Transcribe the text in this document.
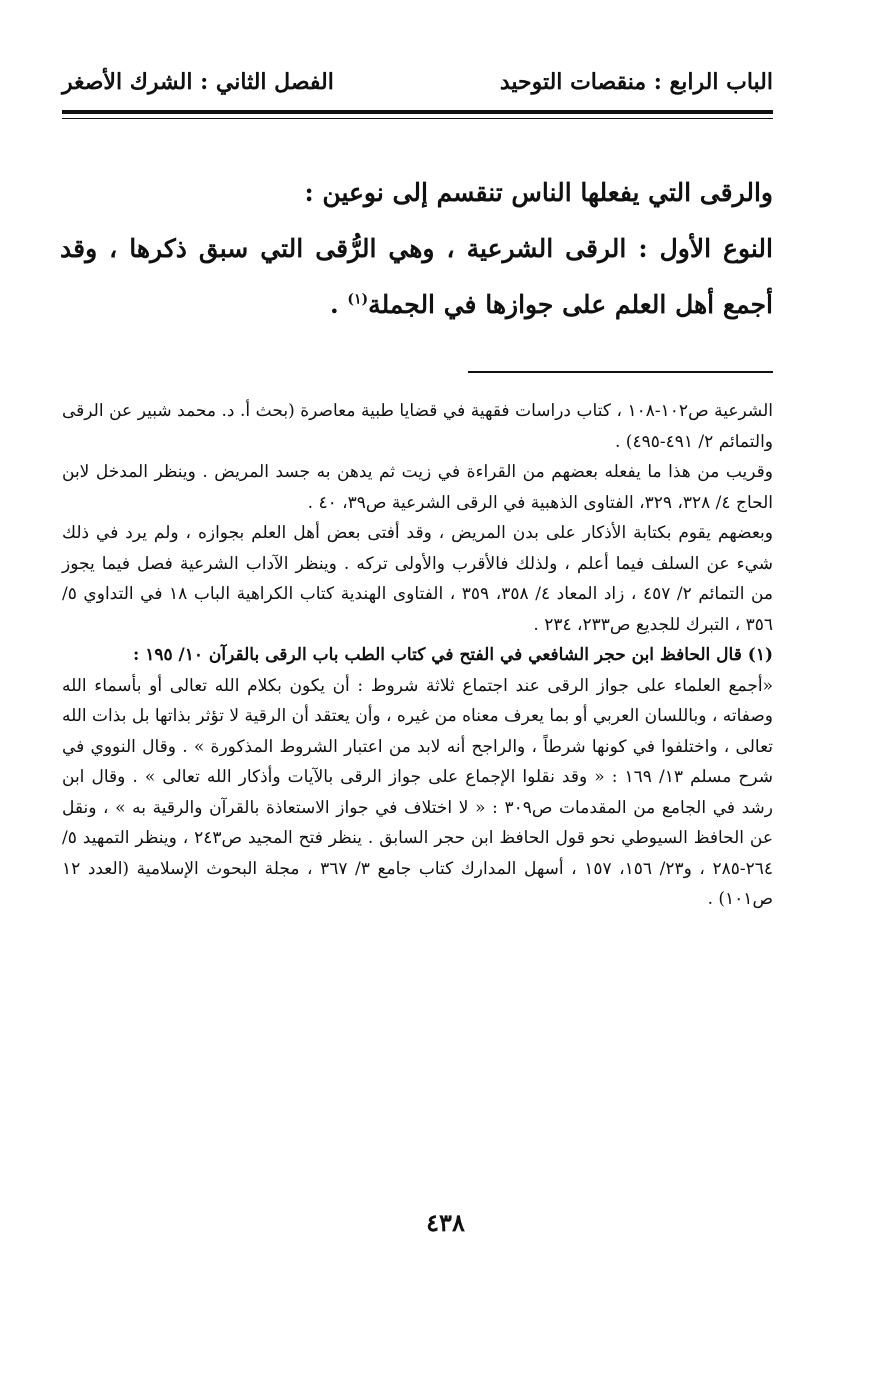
الباب الرابع : منقصات التوحيد
الفصل الثاني : الشرك الأصغر

والرقى التي يفعلها الناس تنقسم إلى نوعين :

النوع الأول : الرقى الشرعية ، وهي الرُّقى التي سبق ذكرها ، وقد أجمع أهل العلم على جوازها في الجملة$^{(١)}$ .

الشرعية ص١٠٢-١٠٨ ، كتاب دراسات فقهية في قضايا طبية معاصرة (بحث أ. د. محمد شبير عن الرقى والتمائم ٢/ ٤٩١-٤٩٥) .

وقريب من هذا ما يفعله بعضهم من القراءة في زيت ثم يدهن به جسد المريض . وينظر المدخل لابن الحاج ٤/ ٣٢٨، ٣٢٩، الفتاوى الذهبية في الرقى الشرعية ص٣٩، ٤٠ .

وبعضهم يقوم بكتابة الأذكار على بدن المريض ، وقد أفتى بعض أهل العلم بجوازه ، ولم يرد في ذلك شيء عن السلف فيما أعلم ، ولذلك فالأقرب والأولى تركه . وينظر الآداب الشرعية فصل فيما يجوز من التمائم ٢/ ٤٥٧ ، زاد المعاد ٤/ ٣٥٨، ٣٥٩ ، الفتاوى الهندية كتاب الكراهية الباب ١٨ في التداوي ٥/ ٣٥٦ ، التبرك للجديع ص٢٣٣، ٢٣٤ .

(١) قال الحافظ ابن حجر الشافعي في الفتح في كتاب الطب باب الرقى بالقرآن ١٠/ ١٩٥ :

«أجمع العلماء على جواز الرقى عند اجتماع ثلاثة شروط : أن يكون بكلام الله تعالى أو بأسماء الله وصفاته ، وباللسان العربي أو بما يعرف معناه من غيره ، وأن يعتقد أن الرقية لا تؤثر بذاتها بل بذات الله تعالى ، واختلفوا في كونها شرطاً ، والراجح أنه لابد من اعتبار الشروط المذكورة » . وقال النووي في شرح مسلم ١٣/ ١٦٩ : « وقد نقلوا الإجماع على جواز الرقى بالآيات وأذكار الله تعالى » . وقال ابن رشد في الجامع من المقدمات ص٣٠٩ : « لا اختلاف في جواز الاستعاذة بالقرآن والرقية به » ، ونقل عن الحافظ السيوطي نحو قول الحافظ ابن حجر السابق . ينظر فتح المجيد ص٢٤٣ ، وينظر التمهيد ٥/ ٢٦٤-٢٨٥ ، و٢٣/ ١٥٦، ١٥٧ ، أسهل المدارك كتاب جامع ٣/ ٣٦٧ ، مجلة البحوث الإسلامية (العدد ١٢ ص١٠١) .

٤٣٨
